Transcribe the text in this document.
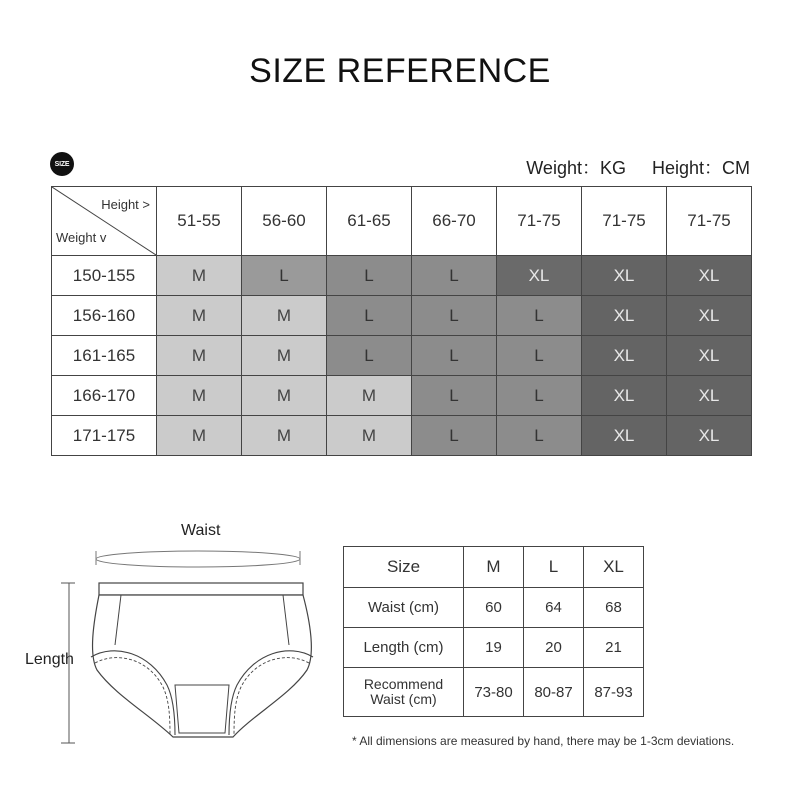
SIZE REFERENCE
SIZE	Weight：KG Height：CM
Height >
Weight v	51-55	56-60	61-65	66-70	71-75	71-75	71-75
150-155	M	L	L	L	XL	XL	XL
156-160	M	M	L	L	L	XL	XL
161-165	M	M	L	L	L	XL	XL
166-170	M	M	M	L	L	XL	XL
171-175	M	M	M	L	L	XL	XL
Waist
Length
Size	M	L	XL
Waist (cm)	60	64	68
Length (cm)	19	20	21
Recommend
Waist (cm)	73-80	80-87	87-93
* All dimensions are measured by hand, there may be 1-3cm deviations.
